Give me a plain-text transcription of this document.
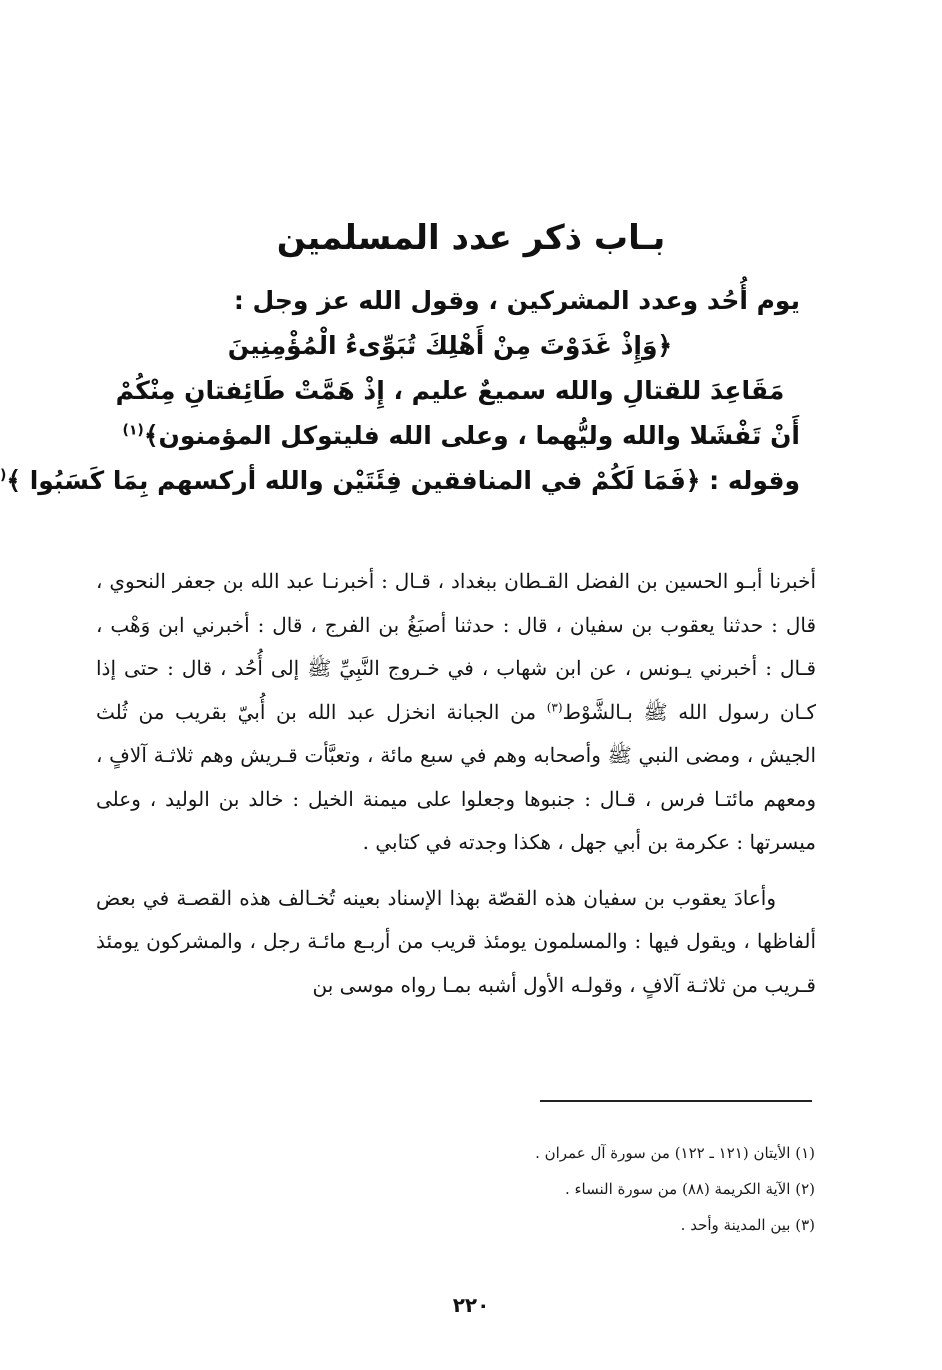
بـاب ذكر عدد المسلمين
يوم أُحُد وعدد المشركين ، وقول الله عز وجل :
﴿وَإِذْ غَدَوْتَ مِنْ أَهْلِكَ تُبَوِّىءُ الْمُؤْمِنِينَ
مَقَاعِدَ للقتالِ والله سميعٌ عليم ، إِذْ هَمَّتْ طَائِفتانِ مِنْكُمْ
أَنْ تَفْشَلا والله وليُّهما ، وعلى الله فليتوكل المؤمنون﴾$^{(١)}$
وقوله : ﴿فَمَا لَكُمْ في المنافقين فِئَتَيْن والله أركسهم بِمَا كَسَبُوا ﴾(

أخبرنا أبـو الحسين بن الفضل القـطان ببغداد ، قـال : أخبرنـا عبد الله بن جعفر النحوي ، قال : حدثنا يعقوب بن سفيان ، قال : حدثنا أصبَغُ بن الفرج ، قال : أخبرني ابن وَهْب ، قـال : أخبرني يـونس ، عن ابن شهاب ، في خـروج النَّبِيِّ ﷺ إلى أُحُد ، قال : حتى إذا كـان رسول الله ﷺ بـالشَّوْط$^{(٣)}$ من الجبانة انخزل عبد الله بن أُبيّ بقريب من ثُلث الجيش ، ومضى النبي ﷺ وأصحابه وهم في سبع مائة ، وتعبَّأت قـريش وهم ثلاثـة آلافٍ ، ومعهم مائتـا فرس ، قـال : جنبوها وجعلوا على ميمنة الخيل : خالد بن الوليد ، وعلى ميسرتها : عكرمة بن أبي جهل ، هكذا وجدته في كتابي .

وأعادَ يعقوب بن سفيان هذه القصّة بهذا الإسناد بعينه تُخـالف هذه القصـة في بعض ألفاظها ، ويقول فيها : والمسلمون يومئذ قريب من أربـع مائـة رجل ، والمشركون يومئذ قـريب من ثلاثـة آلافٍ ، وقولـه الأول أشبه بمـا رواه موسى بن

(١) الأيتان (١٢١ ـ ١٢٢) من سورة آل عمران .
(٢) الآية الكريمة (٨٨) من سورة النساء .
(٣) بين المدينة وأحد .
٢٢٠
